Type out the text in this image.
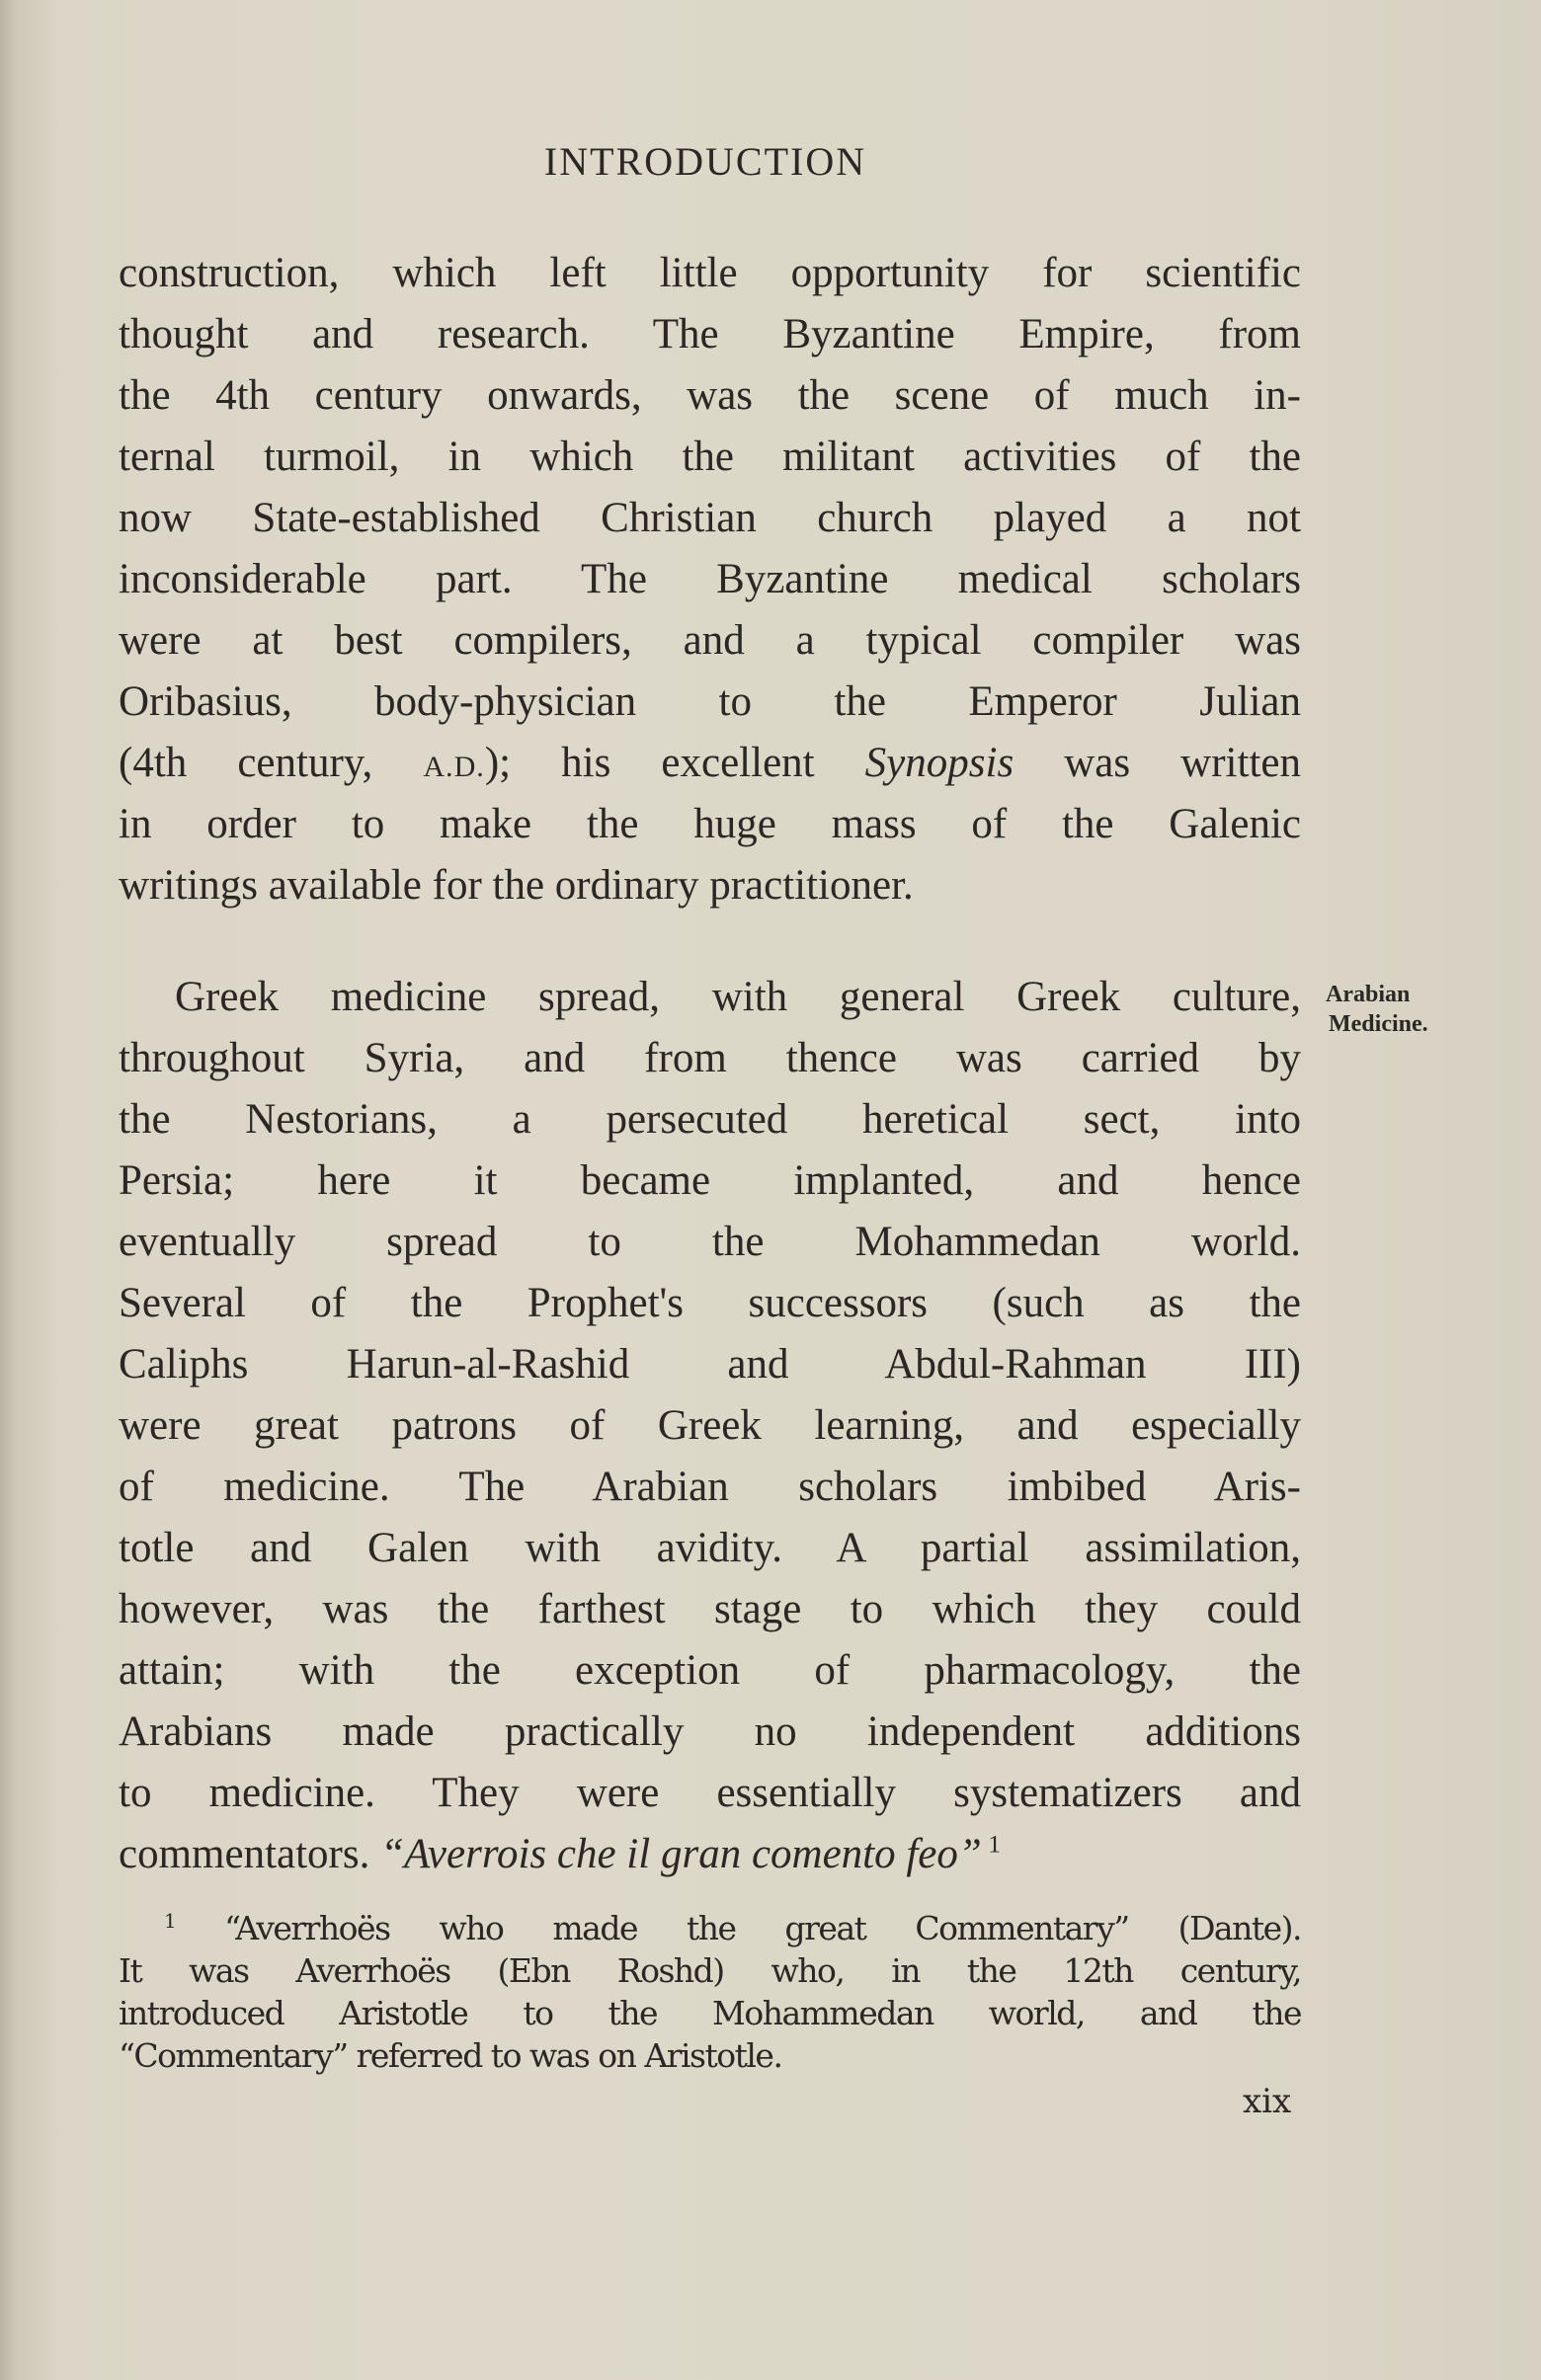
INTRODUCTION
construction, which left little opportunity for scientific
thought and research. The Byzantine Empire, from
the 4th century onwards, was the scene of much in-
ternal turmoil, in which the militant activities of the
now State-established Christian church played a not
inconsiderable part. The Byzantine medical scholars
were at best compilers, and a typical compiler was
Oribasius, body-physician to the Emperor Julian
(4th century, A.D.); his excellent Synopsis was written
in order to make the huge mass of the Galenic
writings available for the ordinary practitioner.
Greek medicine spread, with general Greek culture,
throughout Syria, and from thence was carried by
the Nestorians, a persecuted heretical sect, into
Persia; here it became implanted, and hence
eventually spread to the Mohammedan world.
Several of the Prophet's successors (such as the
Caliphs Harun-al-Rashid and Abdul-Rahman III)
were great patrons of Greek learning, and especially
of medicine. The Arabian scholars imbibed Aris-
totle and Galen with avidity. A partial assimilation,
however, was the farthest stage to which they could
attain; with the exception of pharmacology, the
Arabians made practically no independent additions
to medicine. They were essentially systematizers and
commentators. “Averrois che il gran comento feo” $^1$
Arabian
Medicine.
$^1$ “Averrhoës who made the great Commentary” (Dante).
It was Averrhoës (Ebn Roshd) who, in the 12th century,
introduced Aristotle to the Mohammedan world, and the
“Commentary” referred to was on Aristotle.
xix
